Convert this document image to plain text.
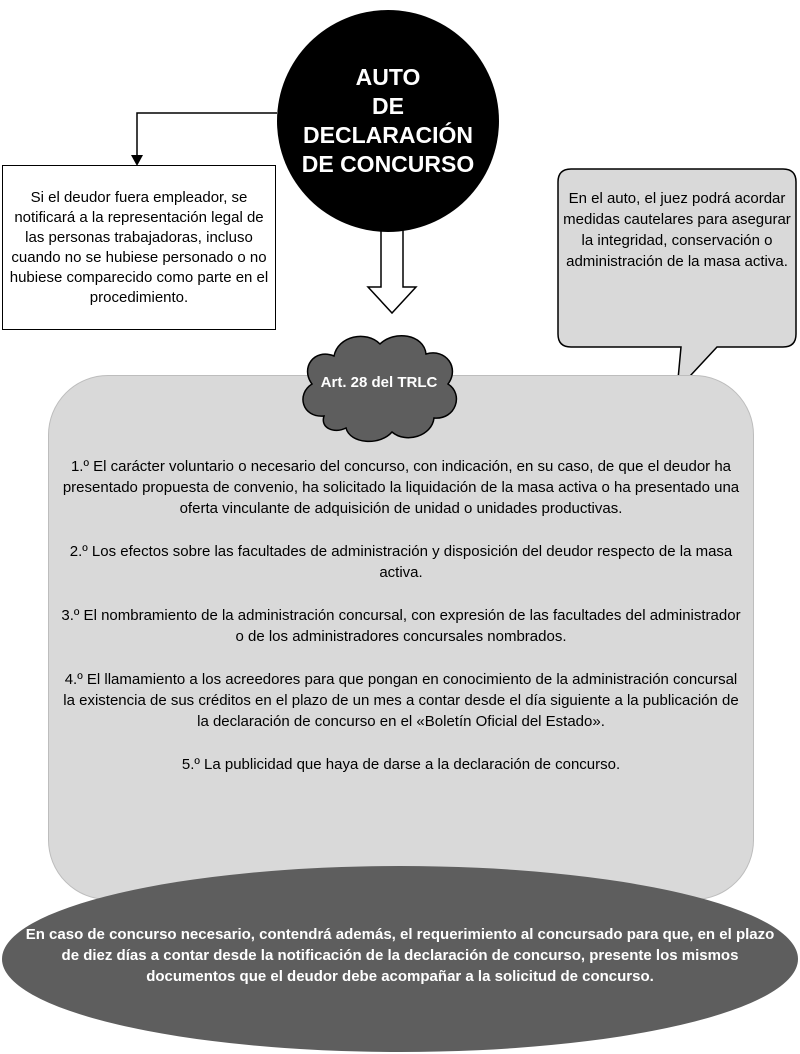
AUTO
DE
DECLARACIÓN
DE CONCURSO
Si el deudor fuera empleador, se notificará a la representación legal de las personas trabajadoras, incluso cuando no se hubiese personado o no hubiese comparecido como parte en el procedimiento.
En el auto, el juez podrá acordar medidas cautelares para asegurar la integridad, conservación o administración de la masa activa.
Art. 28 del TRLC
1.º El carácter voluntario o necesario del concurso, con indicación, en su caso, de que el deudor ha presentado propuesta de convenio, ha solicitado la liquidación de la masa activa o ha presentado una oferta vinculante de adquisición de unidad o unidades productivas.
2.º Los efectos sobre las facultades de administración y disposición del deudor respecto de la masa activa.
3.º El nombramiento de la administración concursal, con expresión de las facultades del administrador o de los administradores concursales nombrados.
4.º El llamamiento a los acreedores para que pongan en conocimiento de la administración concursal la existencia de sus créditos en el plazo de un mes a contar desde el día siguiente a la publicación de la declaración de concurso en el «Boletín Oficial del Estado».
5.º La publicidad que haya de darse a la declaración de concurso.
En caso de concurso necesario, contendrá además, el requerimiento al concursado para que, en el plazo de diez días a contar desde la notificación de la declaración de concurso, presente los mismos documentos que el deudor debe acompañar a la solicitud de concurso.
